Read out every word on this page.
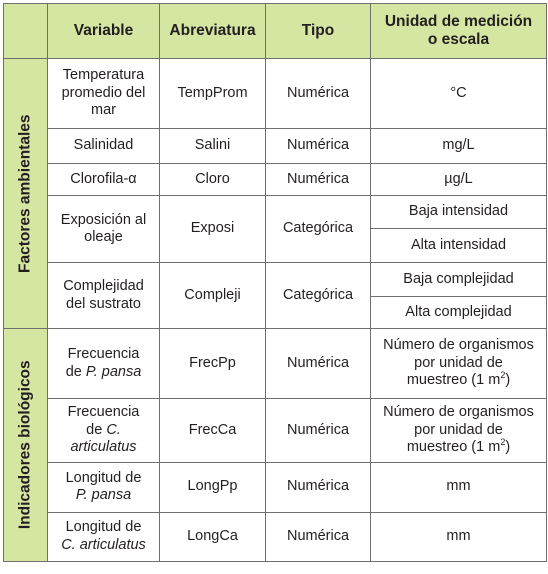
	Variable	Abreviatura	Tipo	Unidad de medición
o escala

Factores ambientales	Temperatura
promedio del
mar	TempProm	Numérica	°C
	Salinidad	Salini	Numérica	mg/L
	Clorofila-α	Cloro	Numérica	µg/L
	Exposición al
oleaje	Exposi	Categórica	Baja intensidad
				Alta intensidad
	Complejidad
del sustrato	Compleji	Categórica	Baja complejidad
				Alta complejidad

Indicadores biológicos	Frecuencia
de P. pansa	FrecPp	Numérica	Número de organismos
por unidad de
muestreo (1 $m^2$)
	Frecuencia
de C.
articulatus	FrecCa	Numérica	Número de organismos
por unidad de
muestreo (1 $m^2$)
	Longitud de
P. pansa	LongPp	Numérica	mm
	Longitud de
C. articulatus	LongCa	Numérica	mm
